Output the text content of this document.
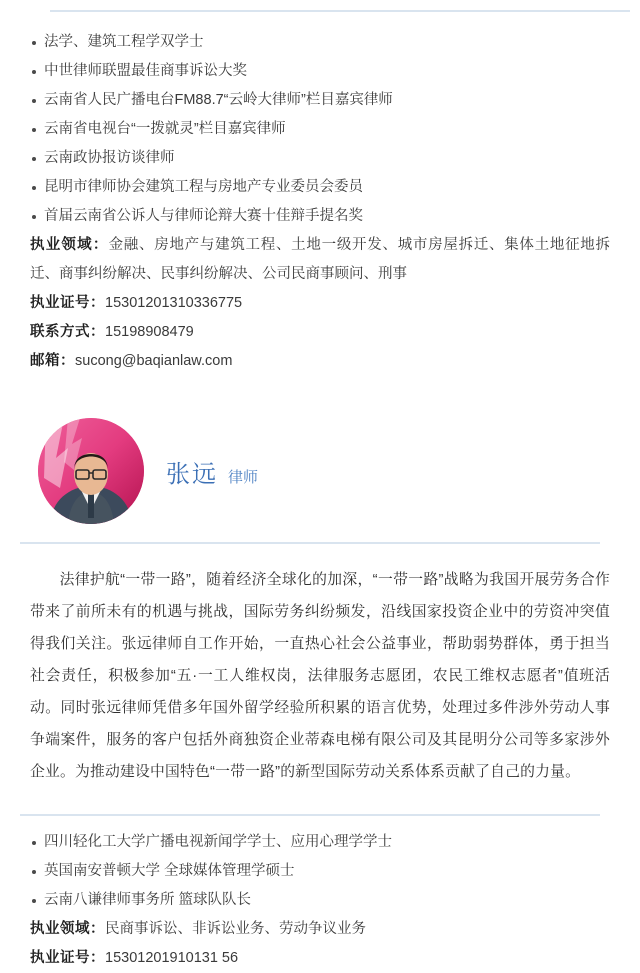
法学、建筑工程学双学士
中世律师联盟最佳商事诉讼大奖
云南省人民广播电台FM88.7“云岭大律师”栏目嘉宾律师
云南省电视台“一拨就灵”栏目嘉宾律师
云南政协报访谈律师
昆明市律师协会建筑工程与房地产专业委员会委员
首届云南省公诉人与律师论辩大赛十佳辩手提名奖
执业领域：金融、房地产与建筑工程、土地一级开发、城市房屋拆迁、集体土地征地拆迁、商事纠纷解决、民事纠纷解决、公司民商事顾问、刑事
执业证号：15301201310336775
联系方式：15198908479
邮箱：sucong@baqianlaw.com
张远 律师
法律护航“一带一路”，随着经济全球化的加深，“一带一路”战略为我国开展劳务合作带来了前所未有的机遇与挑战，国际劳务纠纷频发，沿线国家投资企业中的劳资冲突值得我们关注。张远律师自工作开始，一直热心社会公益事业，帮助弱势群体，勇于担当社会责任，积极参加“五·一工人维权岗，法律服务志愿团，农民工维权志愿者”值班活动。同时张远律师凭借多年国外留学经验所积累的语言优势，处理过多件涉外劳动人事争端案件，服务的客户包括外商独资企业蒂森电梯有限公司及其昆明分公司等多家涉外企业。为推动建设中国特色“一带一路”的新型国际劳动关系体系贡献了自己的力量。
四川轻化工大学广播电视新闻学学士、应用心理学学士
英国南安普顿大学 全球媒体管理学硕士
云南八谦律师事务所 篮球队队长
执业领域：民商事诉讼、非诉讼业务、劳动争议业务
执业证号：15301201910131 56
